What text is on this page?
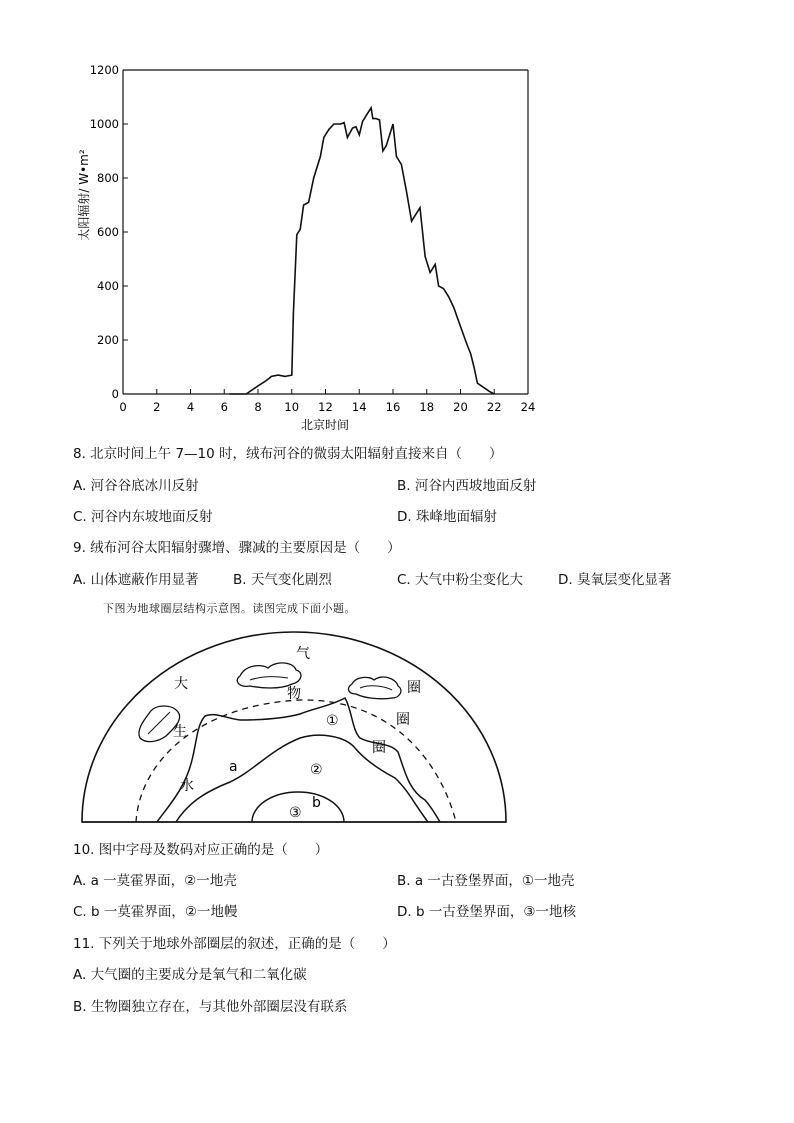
0 2 4 6 8 10 12 14 16 18 20 22 24
0
200
400
600
800
1000
1200
太阳辐射/ W•m²
北京时间
8. 北京时间上午 7—10 时，绒布河谷的微弱太阳辐射直接来自（　　）
A. 河谷谷底冰川反射	B. 河谷内西坡地面反射
C. 河谷内东坡地面反射	D. 珠峰地面辐射
9. 绒布河谷太阳辐射骤增、骤减的主要原因是（　　）
A. 山体遮蔽作用显著	B. 天气变化剧烈	C. 大气中粉尘变化大	D. 臭氧层变化显著
下图为地球圈层结构示意图。读图完成下面小题。
气
大
物	圈
生
圈
圈
水
a
b
①
②
③
10. 图中字母及数码对应正确的是（　　）
A. a 一莫霍界面，②一地壳	B. a 一古登堡界面，①一地壳
C. b 一莫霍界面，②一地幔	D. b 一古登堡界面，③一地核
11. 下列关于地球外部圈层的叙述，正确的是（　　）
A. 大气圈的主要成分是氧气和二氧化碳
B. 生物圈独立存在，与其他外部圈层没有联系
